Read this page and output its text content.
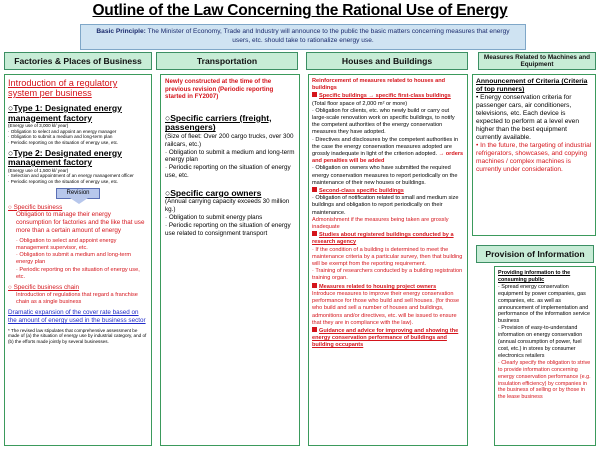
Outline of the Law Concerning the Rational Use of Energy
Basic Principle: The Minister of Economy, Trade and Industry will announce to the public the basic matters concerning measures that energy users, etc. should take to rationalize energy use.
Factories & Places of Business	Transportation	Houses and Buildings	Measures Related to Machines and Equipment

Introduction of a regulatory system per business

○Type 1: Designated energy management factory

(Energy use of 3,000 kl/ year)

· Obligation to select and appoint an energy manager

· Obligation to submit a medium and long-term plan

· Periodic reporting on the situation of energy use, etc.

○Type 2: Designated energy management factory

(Energy use of 1,500 kl/ year)

· Selection and appointment of an energy management officer

· Periodic reporting on the situation of energy use, etc.

Revision

○ Specific business

Obligation to manage their energy consumption for factories and the like that use more than a certain amount of energy

· Obligation to select and appoint energy management supervisor, etc.

· Obligation to submit a medium and long-term energy plan

· Periodic reporting on the situation of energy use, etc.

○ Specific business chain

Introduction of regulations that regard a franchise chain as a single business

Dramatic expansion of the cover rate based on the amount of energy used in the business sector

* The revised law stipulates that comprehensive assessment be made of (a) the situation of energy use by industrial category, and of (b) the efforts made jointly by several businesses.

Newly constructed at the time of the previous revision (Periodic reporting started in FY2007)

○Specific carriers (freight, passengers)

(Size of fleet: Over 200 cargo trucks, over 300 railcars, etc.)

· Obligation to submit a medium and long-term energy plan

· Periodic reporting on the situation of energy use, etc.

○Specific cargo owners

(Annual carrying capacity exceeds 30 million kg.)

· Obligation to submit energy plans

· Periodic reporting on the situation of energy use related to consignment transport

Reinforcement of measures related to houses and buildings

Specific buildings → specific first-class buildings

(Total floor space of 2,000 m² or more)

· Obligation for clients, etc. who newly build or carry out large-scale renovation work on specific buildings, to notify the competent authorities of the energy conservation measures they have adopted.

· Directives and disclosures by the competent authorities in the case the energy conservation measures adopted are grossly inadequate in light of the criterion adopted. → orders and penalties will be added

· Obligation on owners who have submitted the required energy conservation measures to report periodically on the maintenance of their new houses or buildings.

Second-class specific buildings

· Obligation of notification related to small and medium size buildings and obligation to report periodically on their maintenance.

Admonishment if the measures being taken are grossly inadequate

Studies about registered buildings conducted by a research agency

· If the condition of a building is determined to meet the maintenance criteria by a particular survey, then that building will be exempt from the reporting requirement.

· Training of researchers conducted by a building registration training organ.

Measures related to housing project owners

Introduce measures to improve their energy conservation performance for those who build and sell houses. (for those who build and sell a number of houses and buildings, admonitions and/or directives, etc. will be issued to ensure that they are in compliance with the law).

Guidance and advice for improving and showing the energy conservation performance of buildings and building occupants

Announcement of Criteria (Criteria of top runners)

• Energy conservation criteria for passenger cars, air conditioners, televisions, etc. Each device is expected to perform at a level even higher than the best equipment currently available.

• In the future, the targeting of industrial refrigerators, showcases, and copying machines / complex machines is currently under consideration.

Provision of Information

Providing information to the consuming public

· Spread energy conservation equipment by power companies, gas companies, etc. as well as announcement of implementation and performance of the information service business

· Provision of easy-to-understand information on energy conservation (annual consumption of power, fuel cost, etc.) in stores by consumer electronics retailers

· Clearly specify the obligation to strive to provide information concerning energy conservation performance (e.g. insulation efficiency) by companies in the business of selling or by those in the lease business
